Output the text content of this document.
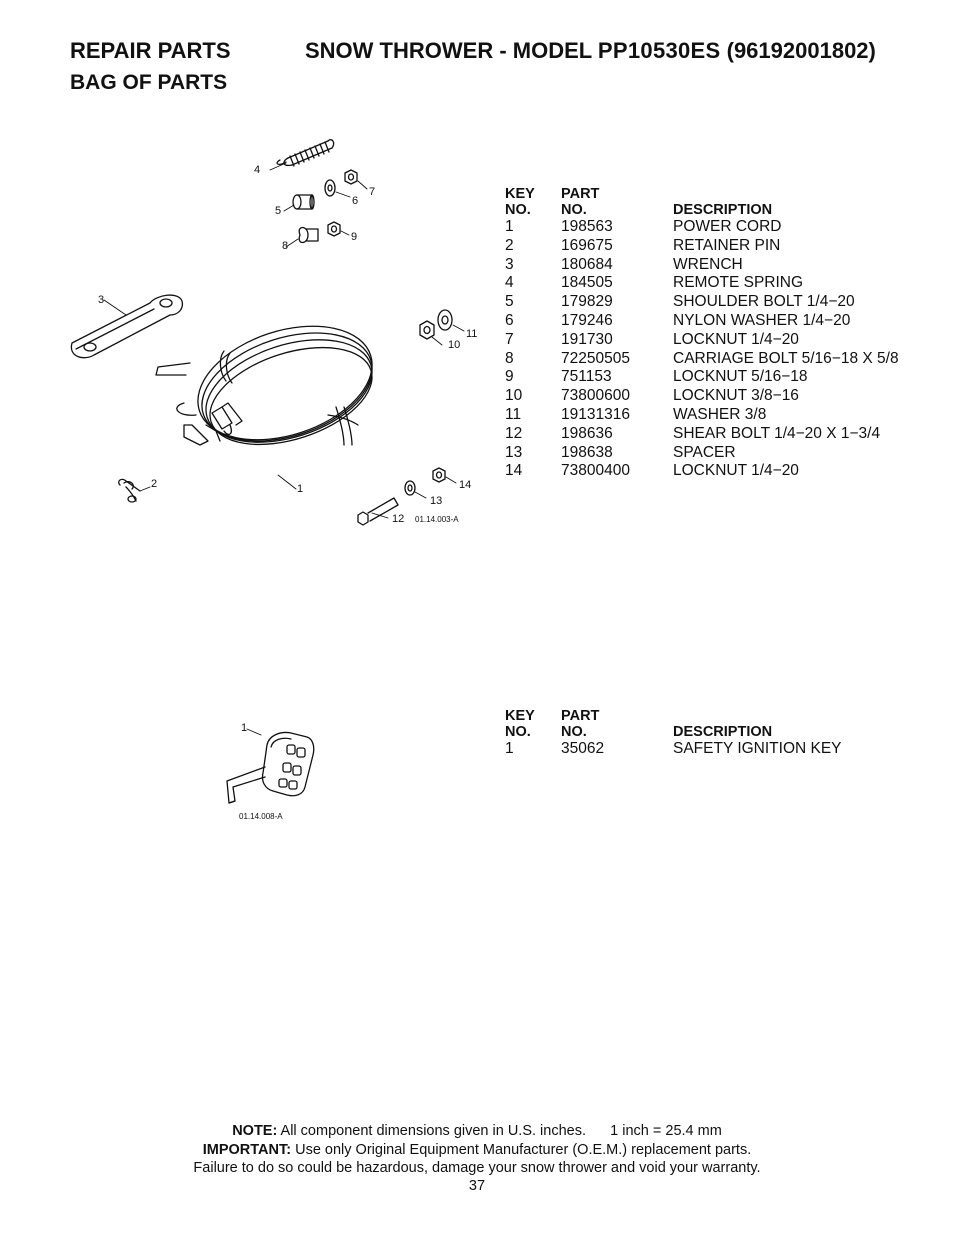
REPAIR PARTS
BAG OF PARTS
SNOW THROWER - MODEL PP10530ES (96192001802)
4
5
6
7
8
9
3
10
11
1
2	14
13
12 01.14.003-A
KEY
NO.	PART
NO.	DESCRIPTION
1	198563	POWER CORD
2	169675	RETAINER PIN
3	180684	WRENCH
4	184505	REMOTE SPRING
5	179829	SHOULDER BOLT 1/4−20
6	179246	NYLON WASHER 1/4−20
7	191730	LOCKNUT 1/4−20
8	72250505	CARRIAGE BOLT 5/16−18 X 5/8
9	751153	LOCKNUT 5/16−18
10	73800600	LOCKNUT 3/8−16
11	19131316	WASHER 3/8
12	198636	SHEAR BOLT 1/4−20 X 1−3/4
13	198638	SPACER
14	73800400	LOCKNUT 1/4−20
1
01.14.008-A
KEY
NO.	PART
NO.	DESCRIPTION
1	35062	SAFETY IGNITION KEY
NOTE: All component dimensions given in U.S. inches. 1 inch = 25.4 mm
IMPORTANT: Use only Original Equipment Manufacturer (O.E.M.) replacement parts.
Failure to do so could be hazardous, damage your snow thrower and void your warranty.
37
